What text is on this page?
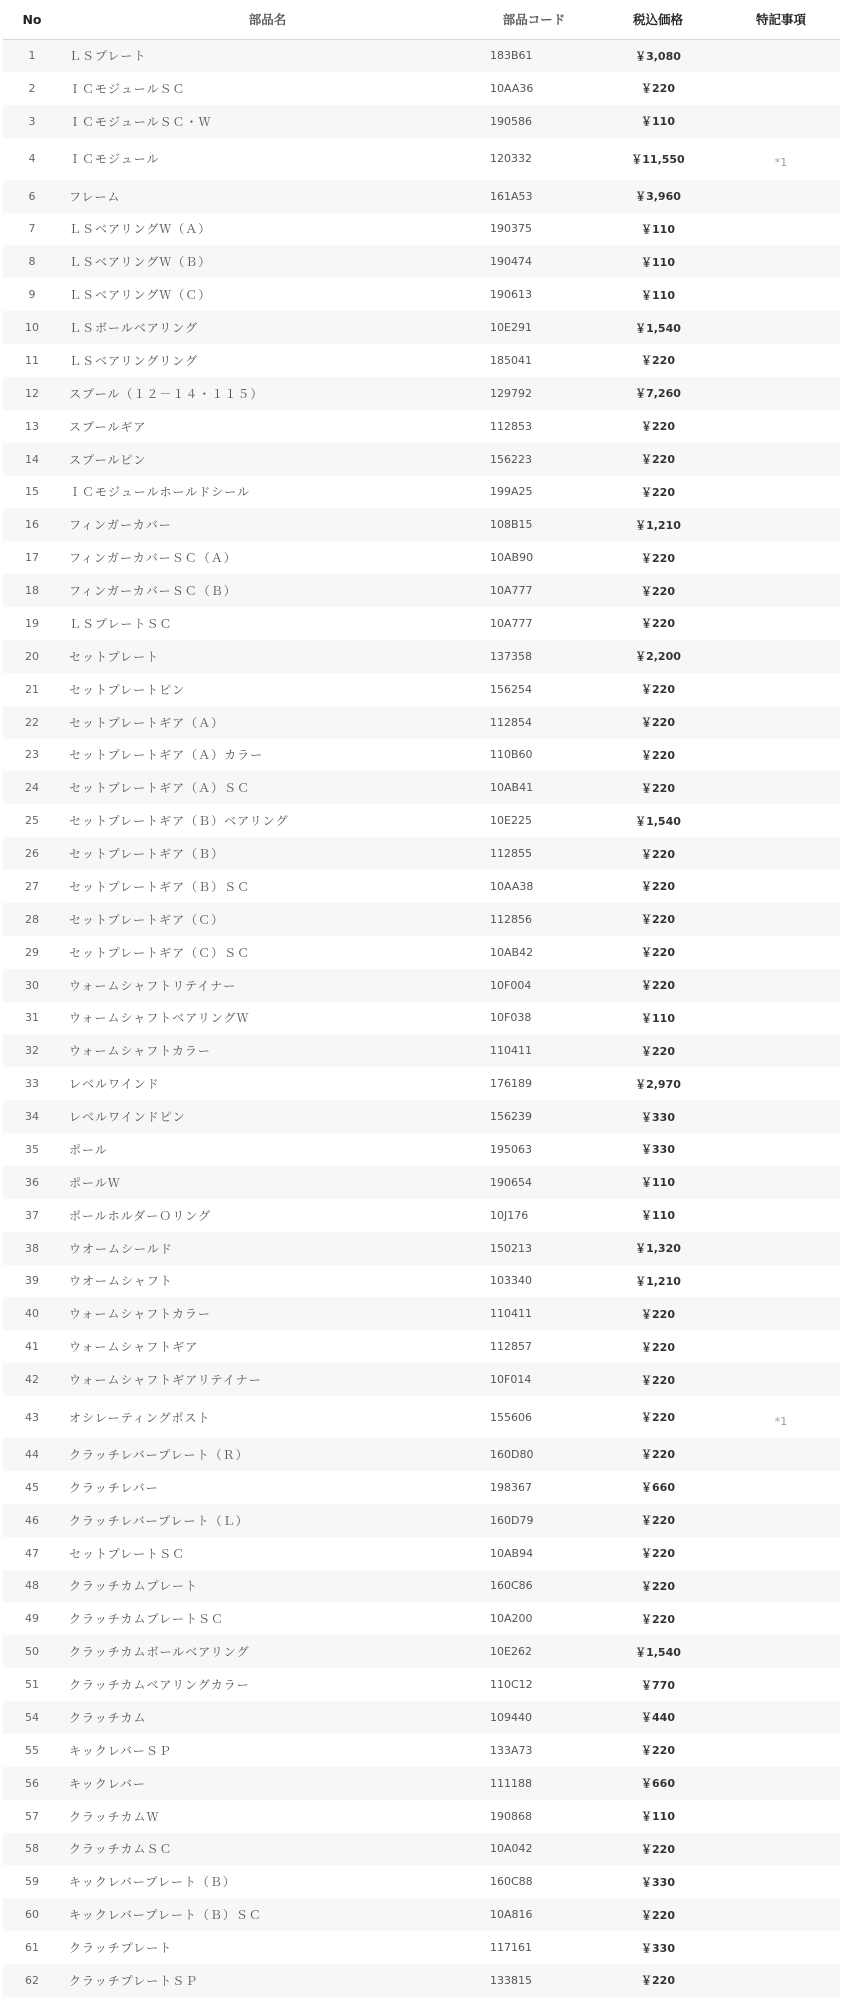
No	部品名	部品コード	税込価格	特記事項
1	ＬＳプレート	183B61	￥3,080	
2	ＩＣモジュールＳＣ	10AA36	￥220	
3	ＩＣモジュールＳＣ・Ｗ	190586	￥110	
4	ＩＣモジュール	120332	￥11,550	*1
6	フレーム	161A53	￥3,960	
7	ＬＳベアリングＷ（Ａ）	190375	￥110	
8	ＬＳベアリングＷ（Ｂ）	190474	￥110	
9	ＬＳベアリングＷ（Ｃ）	190613	￥110	
10	ＬＳボールベアリング	10E291	￥1,540	
11	ＬＳベアリングリング	185041	￥220	
12	スプール（１２－１４・１１５）	129792	￥7,260	
13	スプールギア	112853	￥220	
14	スプールピン	156223	￥220	
15	ＩＣモジュールホールドシール	199A25	￥220	
16	フィンガーカバー	108B15	￥1,210	
17	フィンガーカバーＳＣ（Ａ）	10AB90	￥220	
18	フィンガーカバーＳＣ（Ｂ）	10A777	￥220	
19	ＬＳプレートＳＣ	10A777	￥220	
20	セットプレート	137358	￥2,200	
21	セットプレートピン	156254	￥220	
22	セットプレートギア（Ａ）	112854	￥220	
23	セットプレートギア（Ａ）カラー	110B60	￥220	
24	セットプレートギア（Ａ）ＳＣ	10AB41	￥220	
25	セットプレートギア（Ｂ）ベアリング	10E225	￥1,540	
26	セットプレートギア（Ｂ）	112855	￥220	
27	セットプレートギア（Ｂ）ＳＣ	10AA38	￥220	
28	セットプレートギア（Ｃ）	112856	￥220	
29	セットプレートギア（Ｃ）ＳＣ	10AB42	￥220	
30	ウォームシャフトリテイナー	10F004	￥220	
31	ウォームシャフトベアリングＷ	10F038	￥110	
32	ウォームシャフトカラー	110411	￥220	
33	レベルワインド	176189	￥2,970	
34	レベルワインドピン	156239	￥330	
35	ポール	195063	￥330	
36	ポールＷ	190654	￥110	
37	ポールホルダーＯリング	10J176	￥110	
38	ウオームシールド	150213	￥1,320	
39	ウオームシャフト	103340	￥1,210	
40	ウォームシャフトカラー	110411	￥220	
41	ウォームシャフトギア	112857	￥220	
42	ウォームシャフトギアリテイナー	10F014	￥220	
43	オシレーティングポスト	155606	￥220	*1
44	クラッチレバープレート（Ｒ）	160D80	￥220	
45	クラッチレバー	198367	￥660	
46	クラッチレバープレート（Ｌ）	160D79	￥220	
47	セットプレートＳＣ	10AB94	￥220	
48	クラッチカムプレート	160C86	￥220	
49	クラッチカムプレートＳＣ	10A200	￥220	
50	クラッチカムボールベアリング	10E262	￥1,540	
51	クラッチカムベアリングカラー	110C12	￥770	
54	クラッチカム	109440	￥440	
55	キックレバーＳＰ	133A73	￥220	
56	キックレバー	111188	￥660	
57	クラッチカムＷ	190868	￥110	
58	クラッチカムＳＣ	10A042	￥220	
59	キックレバープレート（Ｂ）	160C88	￥330	
60	キックレバープレート（Ｂ）ＳＣ	10A816	￥220	
61	クラッチプレート	117161	￥330	
62	クラッチプレートＳＰ	133815	￥220	
